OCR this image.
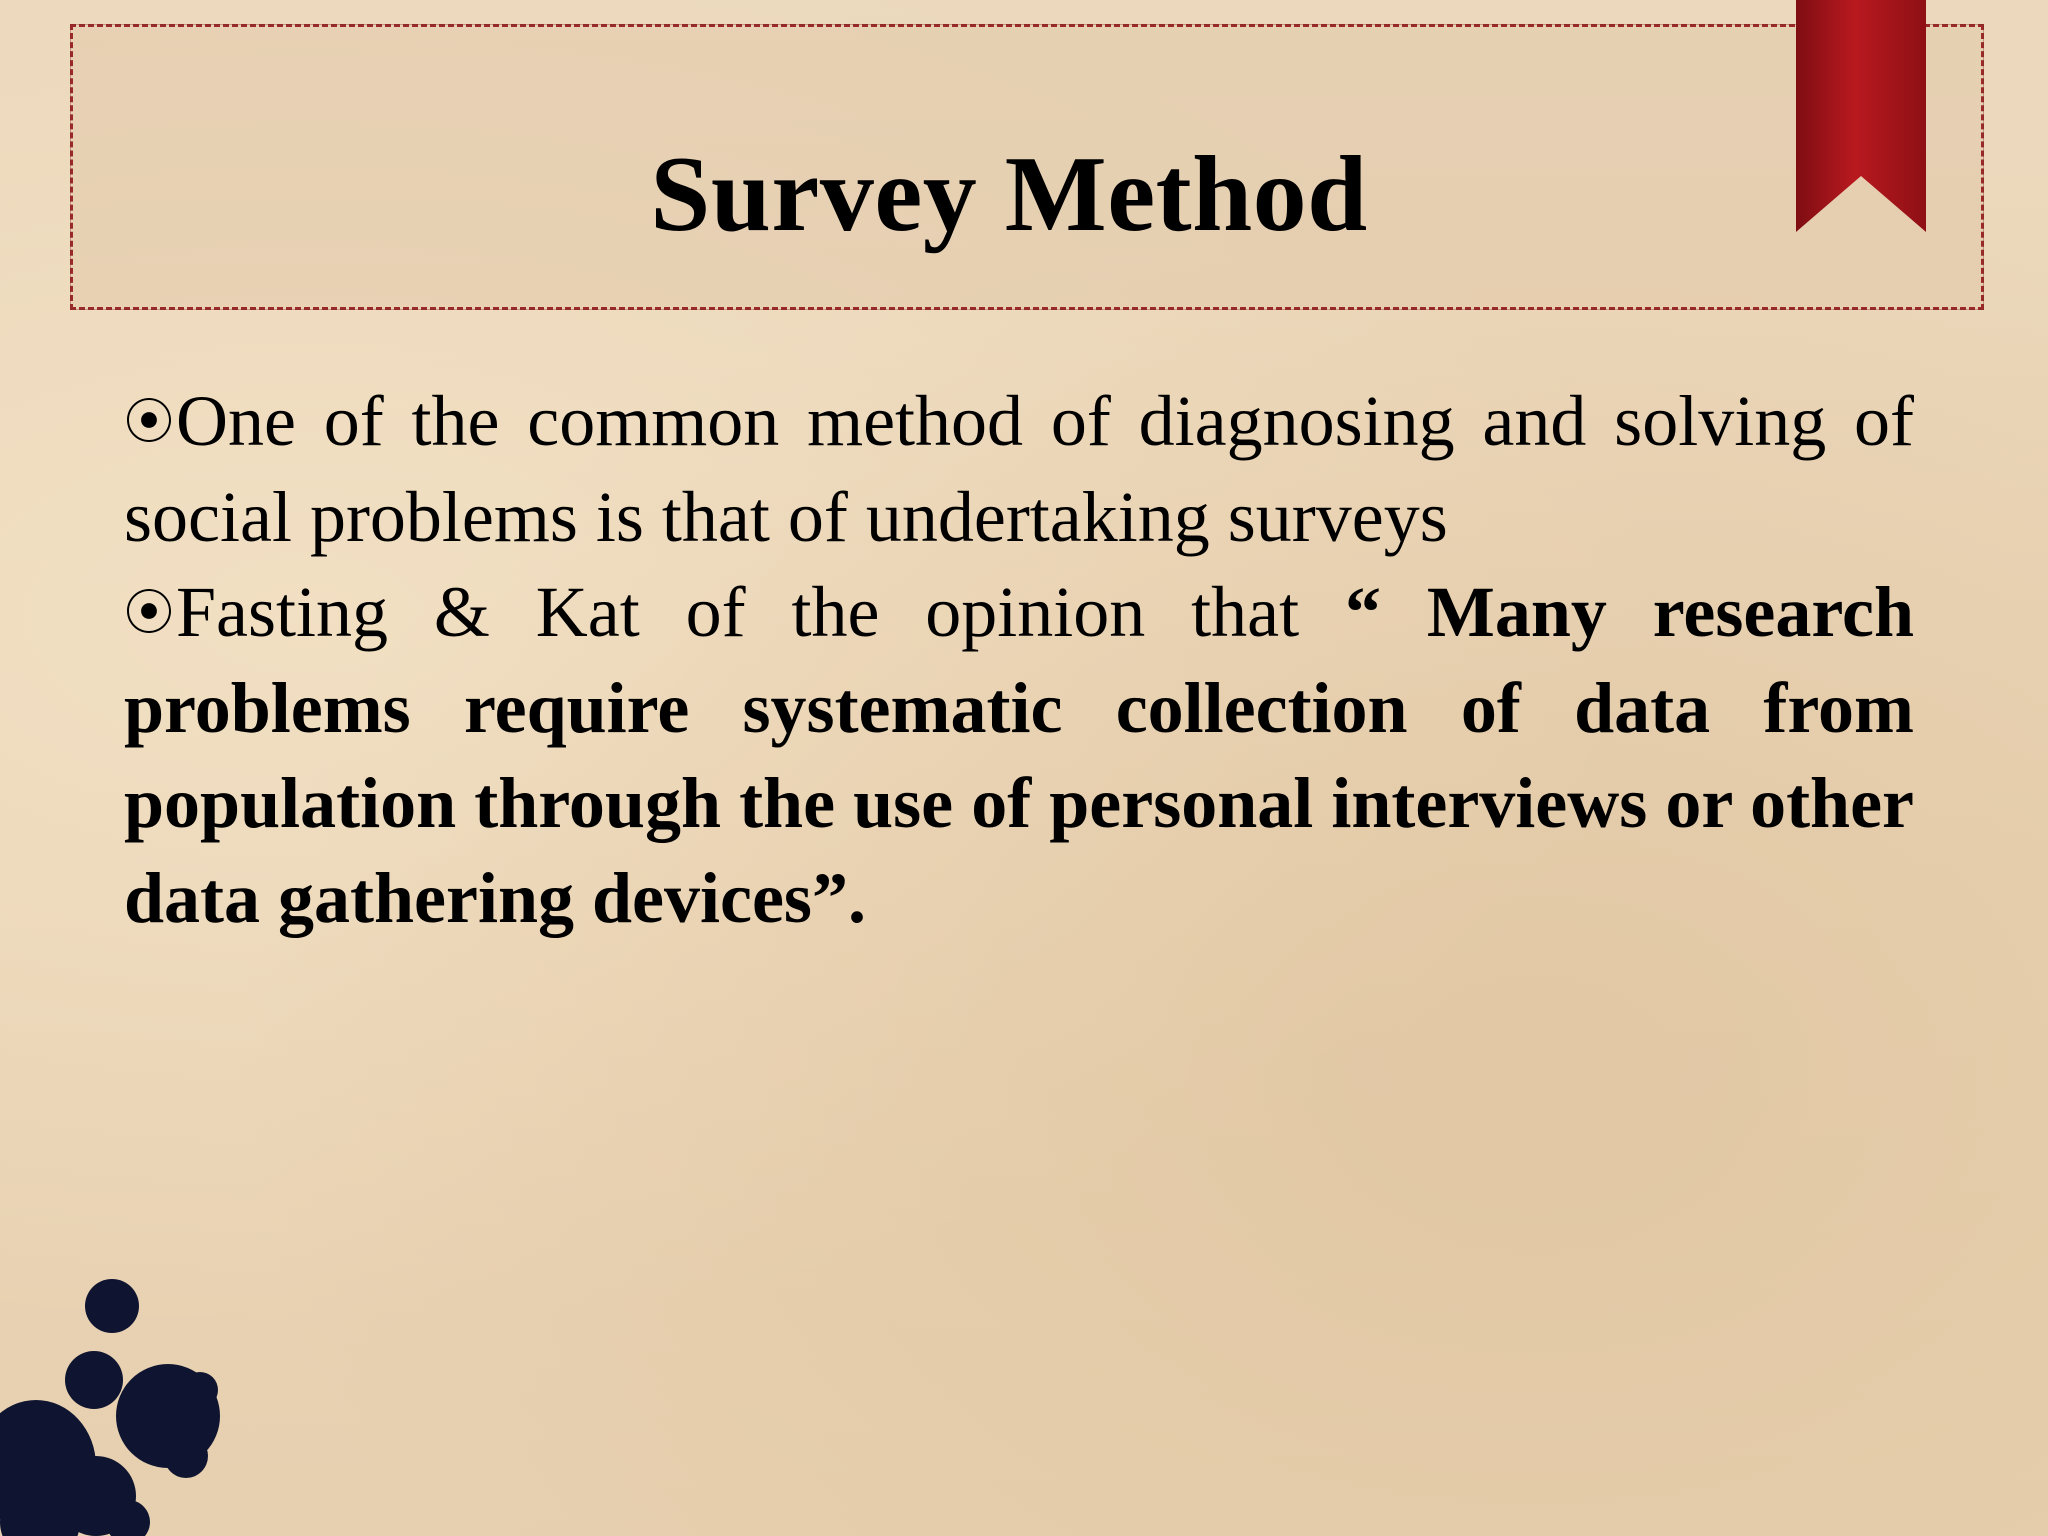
Survey Method

⦿One of the common method of diagnosing and solving of social problems is that of undertaking surveys

⦿Fasting & Kat of the opinion that “ Many research problems require systematic collection of data from population through the use of personal interviews or other data gathering devices”.
